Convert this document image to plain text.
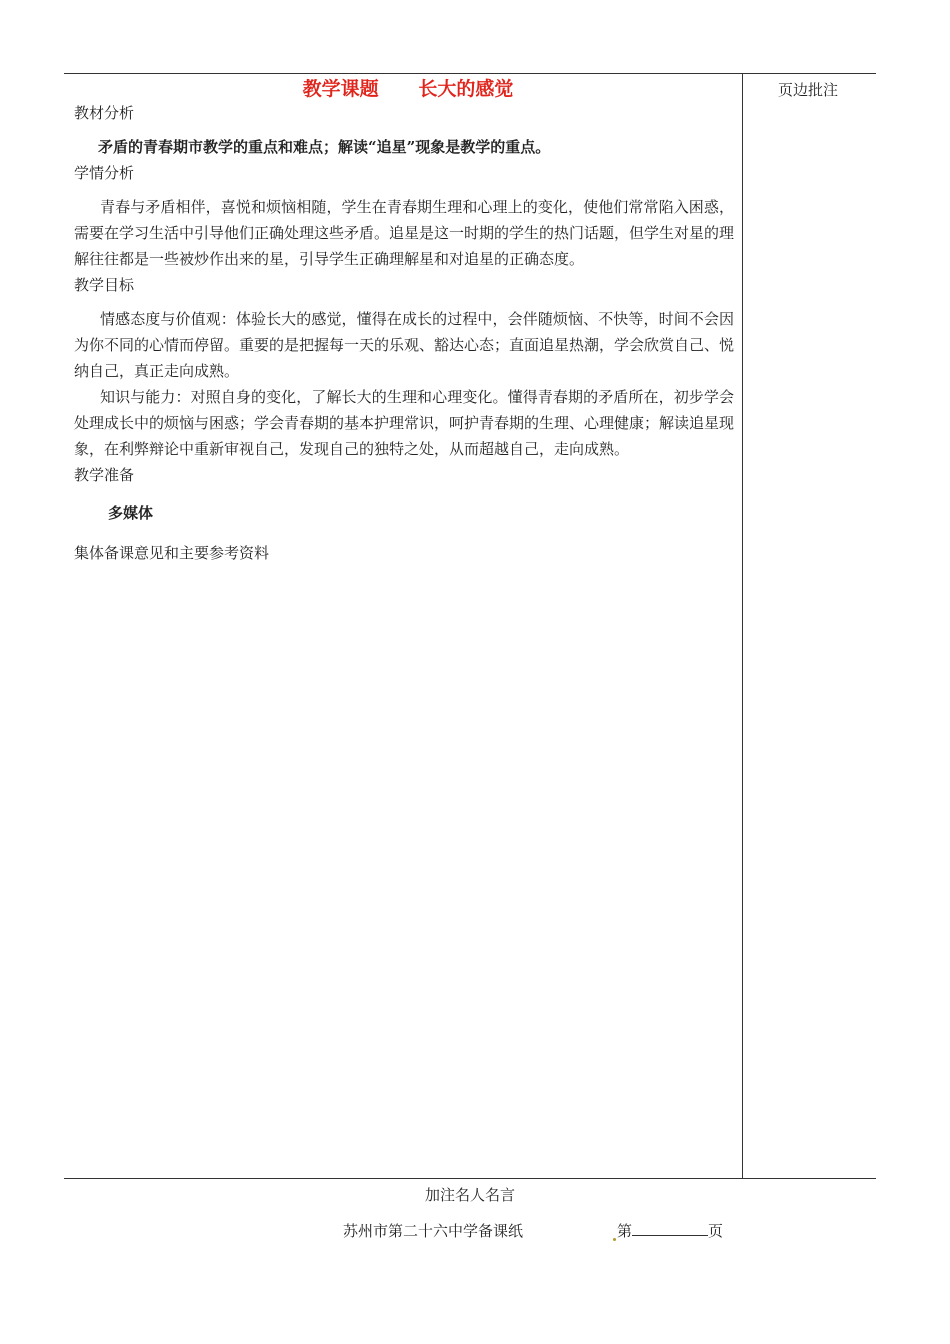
教学课题      长大的感觉	页边批注

教材分析

矛盾的青春期市教学的重点和难点；解读“追星”现象是教学的重点。

学情分析

青春与矛盾相伴，喜悦和烦恼相随，学生在青春期生理和心理上的变化，使他们常常陷入困惑，需要在学习生活中引导他们正确处理这些矛盾。追星是这一时期的学生的热门话题，但学生对星的理解往往都是一些被炒作出来的星，引导学生正确理解星和对追星的正确态度。

教学目标

情感态度与价值观：体验长大的感觉，懂得在成长的过程中，会伴随烦恼、不快等，时间不会因为你不同的心情而停留。重要的是把握每一天的乐观、豁达心态；直面追星热潮，学会欣赏自己、悦纳自己，真正走向成熟。

知识与能力：对照自身的变化，了解长大的生理和心理变化。懂得青春期的矛盾所在，初步学会处理成长中的烦恼与困惑；学会青春期的基本护理常识，呵护青春期的生理、心理健康；解读追星现象，在利弊辩论中重新审视自己，发现自己的独特之处，从而超越自己，走向成熟。

教学准备

多媒体

集体备课意见和主要参考资料

加注名人名言
苏州市第二十六中学备课纸	第	页
